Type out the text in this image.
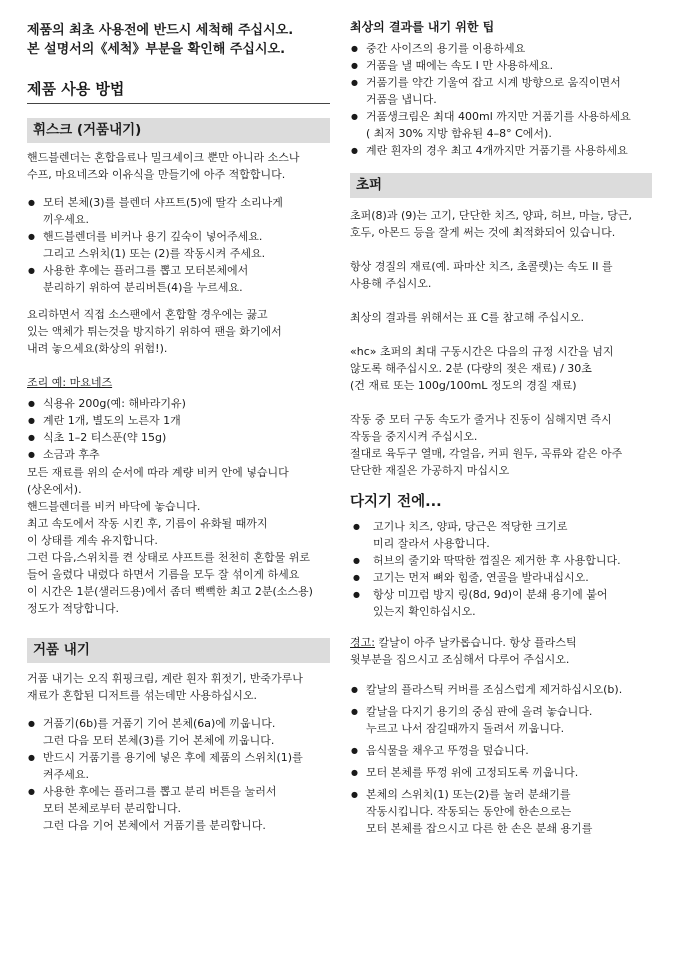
제품의 최초 사용전에 반드시 세척해 주십시오.
본 설명서의《세척》부분을 확인해 주십시오.
제품 사용 방법
휘스크 (거품내기)
핸드블렌더는 혼합음료나 밀크셰이크 뿐만 아니라 소스나
수프, 마요네즈와 이유식을 만들기에 아주 적합합니다.
● 모터 본체(3)를 블렌더 샤프트(5)에 딸각 소리나게
끼우세요.
● 핸드블렌더를 비커나 용기 깊숙이 넣어주세요.
그리고 스위치(1) 또는 (2)를 작동시켜 주세요.
● 사용한 후에는 플러그를 뽑고 모터본체에서
분리하기 위하여 분리버튼(4)을 누르세요.
요리하면서 직접 소스팬에서 혼합할 경우에는 끓고
있는 액체가 튀는것을 방지하기 위하여 팬을 화기에서
내려 놓으세요(화상의 위험!).
조리 예: 마요네즈
● 식용유 200g(예: 해바라기유)
● 계란 1개, 별도의 노른자 1개
● 식초 1–2 티스푼(약 15g)
● 소금과 후추
모든 재료를 위의 순서에 따라 계량 비커 안에 넣습니다
(상온에서).
핸드블렌더를 비커 바닥에 놓습니다.
최고 속도에서 작동 시킨 후, 기름이 유화될 때까지
이 상태를 계속 유지합니다.
그런 다음,스위치를 켠 상태로 샤프트를 천천히 혼합물 위로
들어 올렸다 내렸다 하면서 기름을 모두 잘 섞이게 하세요
이 시간은 1분(샐러드용)에서 좀더 뻑뻑한 최고 2분(소스용)
정도가 적당합니다.
거품 내기
거품 내기는 오직 휘핑크림, 계란 흰자 휘젓기, 반죽가루나
재료가 혼합된 디저트를 섞는데만 사용하십시오.
● 거품기(6b)를 거품기 기어 본체(6a)에 끼웁니다.
그런 다음 모터 본체(3)를 기어 본체에 끼웁니다.
● 반드시 거품기를 용기에 넣은 후에 제품의 스위치(1)를
켜주세요.
● 사용한 후에는 플러그를 뽑고 분리 버튼을 눌러서
모터 본체로부터 분리합니다.
그런 다음 기어 본체에서 거품기를 분리합니다.
최상의 결과를 내기 위한 팁
● 중간 사이즈의 용기를 이용하세요
● 거품을 낼 때에는 속도 I 만 사용하세요.
● 거품기를 약간 기울여 잡고 시계 방향으로 움직이면서
거품을 냅니다.
● 거품생크림은 최대 400ml 까지만 거품기를 사용하세요
( 최저 30% 지방 함유된 4–8° C에서).
● 계란 흰자의 경우 최고 4개까지만 거품기를 사용하세요
초퍼
초퍼(8)과 (9)는 고기, 단단한 치즈, 양파, 허브, 마늘, 당근,
호두, 아몬드 등을 잘게 써는 것에 최적화되어 있습니다.
항상 경질의 재료(예. 파마산 치즈, 초콜렛)는 속도 II 를
사용해 주십시오.
최상의 결과를 위해서는 표 C를 참고해 주십시오.
«hc» 초퍼의 최대 구동시간은 다음의 규정 시간을 넘지
않도록 해주십시오. 2분 (다량의 젖은 재료) / 30초
(건 재료 또는 100g/100mL 정도의 경질 재료)
작동 중 모터 구동 속도가 줄거나 진동이 심해지면 즉시
작동을 중지시켜 주십시오.
절대로 육두구 열매, 각얼음, 커피 원두, 곡류와 같은 아주
단단한 재질은 가공하지 마십시오
다지기 전에...
● 고기나 치즈, 양파, 당근은 적당한 크기로
미리 잘라서 사용합니다.
● 허브의 줄기와 딱딱한 껍질은 제거한 후 사용합니다.
● 고기는 먼저 뼈와 힘줄, 연골을 발라내십시오.
● 항상 미끄럼 방지 링(8d, 9d)이 분쇄 용기에 붙어
있는지 확인하십시오.
경고: 칼날이 아주 날카롭습니다. 항상 플라스틱
윗부분을 집으시고 조심해서 다루어 주십시오.
● 칼날의 플라스틱 커버를 조심스럽게 제거하십시오(b).
● 칼날을 다지기 용기의 중심 판에 올려 놓습니다.
누르고 나서 잠길때까지 돌려서 끼웁니다.
● 음식물을 채우고 뚜껑을 덮습니다.
● 모터 본체를 뚜껑 위에 고정되도록 끼웁니다.
● 본체의 스위치(1) 또는(2)를 눌러 분쇄기를
작동시킵니다. 작동되는 동안에 한손으로는
모터 본체를 잡으시고 다른 한 손은 분쇄 용기를
